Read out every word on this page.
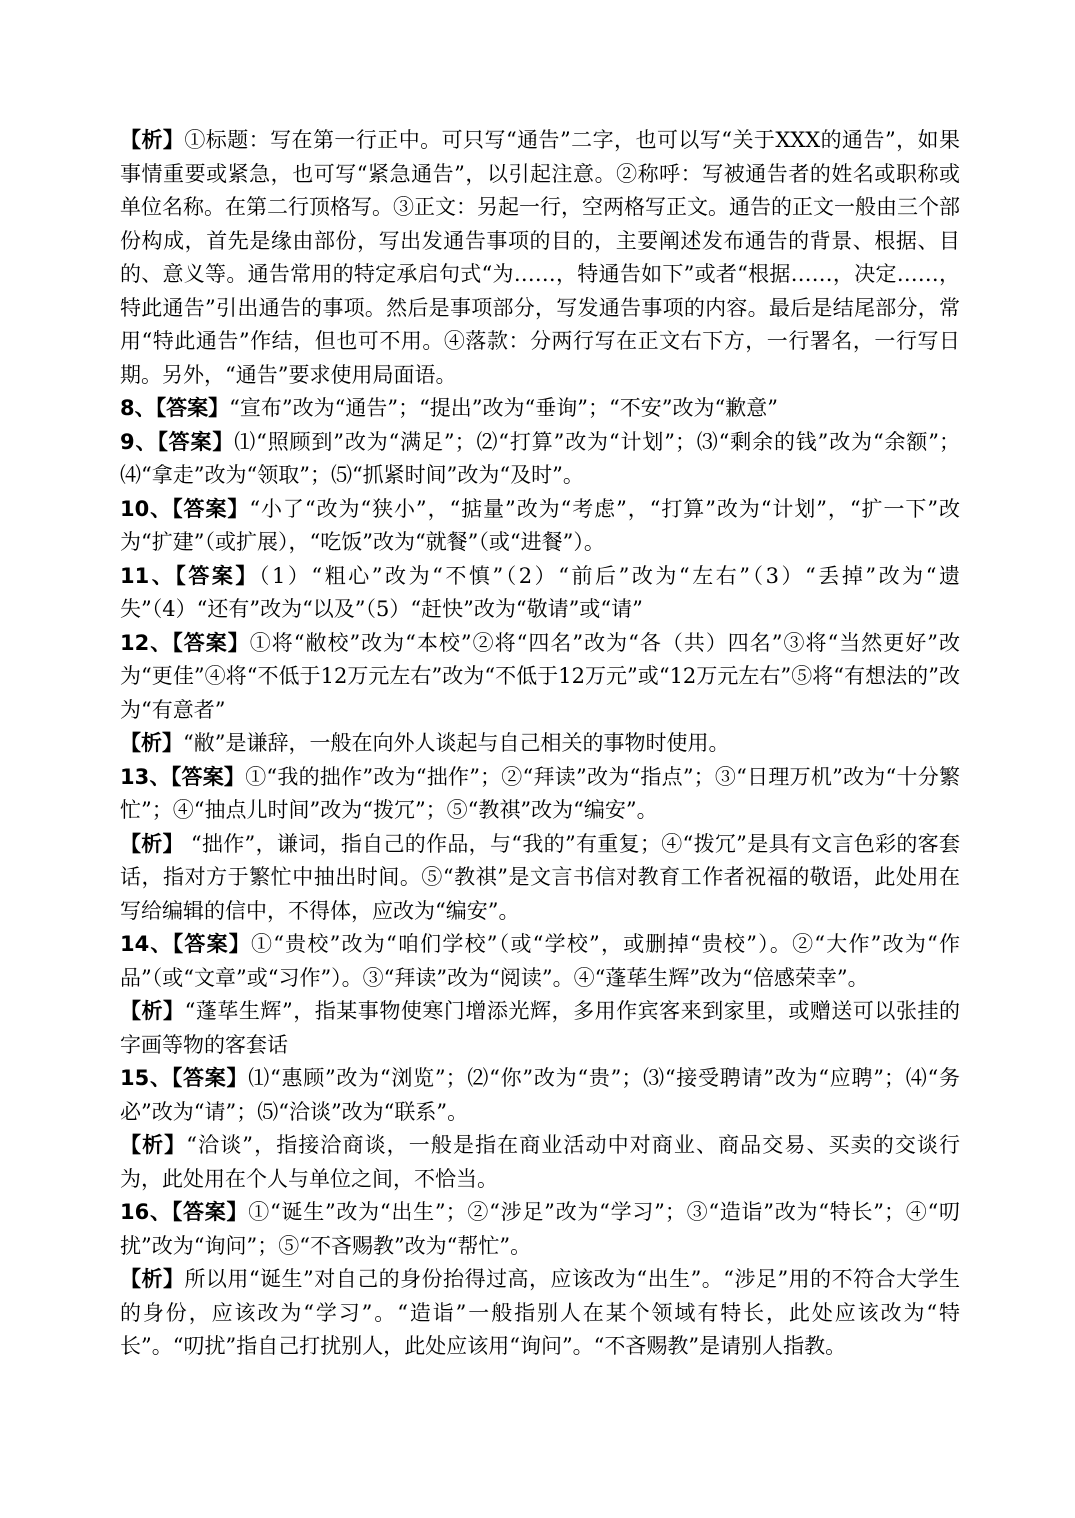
【析】①标题：写在第一行正中。可只写“通告”二字，也可以写“关于XXX的通告”，如果事情重要或紧急，也可写“紧急通告”，以引起注意。②称呼：写被通告者的姓名或职称或单位名称。在第二行顶格写。③正文：另起一行，空两格写正文。通告的正文一般由三个部份构成，首先是缘由部份，写出发通告事项的目的，主要阐述发布通告的背景、根据、目的、意义等。通告常用的特定承启句式“为……，特通告如下”或者“根据……，决定……，特此通告”引出通告的事项。然后是事项部分，写发通告事项的内容。最后是结尾部分，常用“特此通告”作结，但也可不用。④落款：分两行写在正文右下方，一行署名，一行写日期。另外，“通告”要求使用局面语。

8、【答案】“宣布”改为“通告”；“提出”改为“垂询”；“不安”改为“歉意”

9、【答案】⑴“照顾到”改为“满足”；⑵“打算”改为“计划”；⑶“剩余的钱”改为“余额”；⑷“拿走”改为“领取”；⑸“抓紧时间”改为“及时”。

10、【答案】“小了“改为“狭小”，“掂量”改为“考虑”，“打算”改为“计划”，“扩一下”改为“扩建”（或扩展），“吃饭”改为“就餐”（或“进餐”）。

11、【答案】（1）“粗心”改为“不慎”（2）“前后”改为“左右”（3）“丢掉”改为“遗失”（4）“还有”改为“以及”（5）“赶快”改为“敬请”或“请”

12、【答案】①将“敝校”改为“本校”②将“四名”改为“各（共）四名”③将“当然更好”改为“更佳”④将“不低于12万元左右”改为“不低于12万元”或“12万元左右”⑤将“有想法的”改为“有意者”

【析】“敝”是谦辞，一般在向外人谈起与自己相关的事物时使用。

13、【答案】①“我的拙作”改为“拙作”；②“拜读”改为“指点”；③“日理万机”改为“十分繁忙”；④“抽点儿时间”改为“拨冗”；⑤“教祺”改为“编安”。

【析】 “拙作”，谦词，指自己的作品，与“我的”有重复；④“拨冗”是具有文言色彩的客套话，指对方于繁忙中抽出时间。⑤“教祺”是文言书信对教育工作者祝福的敬语，此处用在写给编辑的信中，不得体，应改为“编安”。

14、【答案】①“贵校”改为“咱们学校”（或“学校”，或删掉“贵校”）。②“大作”改为“作品”（或“文章”或“习作”）。③“拜读”改为“阅读”。④“蓬荜生辉”改为“倍感荣幸”。

【析】“蓬荜生辉”，指某事物使寒门增添光辉，多用作宾客来到家里，或赠送可以张挂的字画等物的客套话

15、【答案】⑴“惠顾”改为“浏览”；⑵“你”改为“贵”；⑶“接受聘请”改为“应聘”；⑷“务必”改为“请”；⑸“洽谈”改为“联系”。

【析】“洽谈”，指接洽商谈，一般是指在商业活动中对商业、商品交易、买卖的交谈行为，此处用在个人与单位之间，不恰当。

16、【答案】①“诞生”改为“出生”；②“涉足”改为“学习”；③“造诣”改为“特长”；④“叨扰”改为“询问”；⑤“不吝赐教”改为“帮忙”。

【析】所以用“诞生”对自己的身份抬得过高，应该改为“出生”。“涉足”用的不符合大学生的身份，应该改为“学习”。“造诣”一般指别人在某个领域有特长，此处应该改为“特长”。“叨扰”指自己打扰别人，此处应该用“询问”。“不吝赐教”是请别人指教。
